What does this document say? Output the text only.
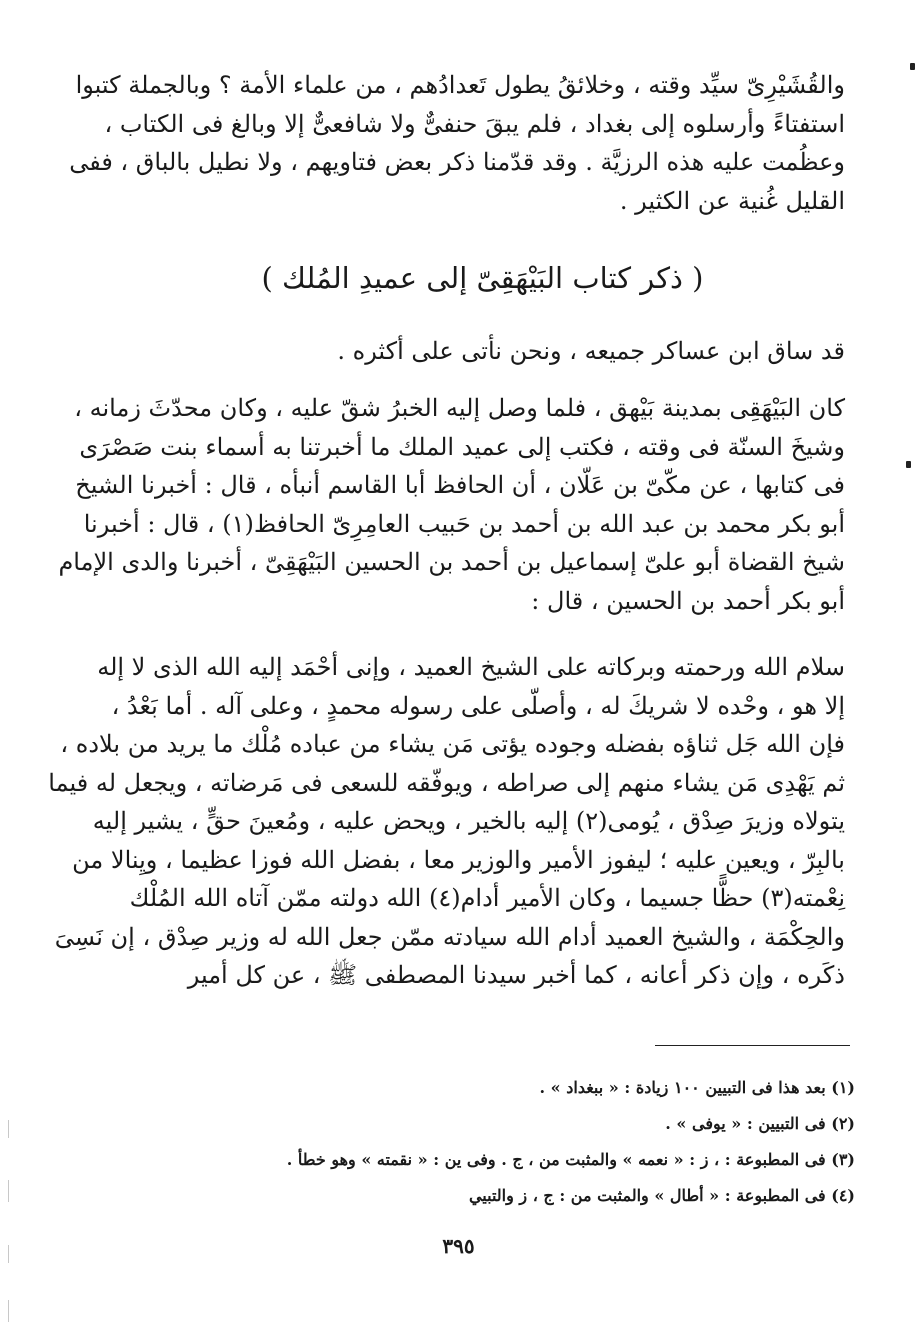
والقُشَيْرِىّ سيِّد وقته ، وخلائقُ يطول تَعدادُهم ، من علماء الأمة ؟ وبالجملة كتبوا
استفتاءً وأرسلوه إلى بغداد ، فلم يبقَ حنفىٌّ ولا شافعىٌّ إلا وبالغ فى الكتاب ،
وعظُمت عليه هذه الرزيَّة . وقد قدّمنا ذكر بعض فتاويهم ، ولا نطيل بالباق ، ففى
القليل غُنية عن الكثير .
( ذكر كتاب البَيْهَقِىّ إلى عميدِ المُلك )
قد ساق ابن عساكر جميعه ، ونحن نأتى على أكثره .
كان البَيْهَقِى بمدينة بَيْهق ، فلما وصل إليه الخبرُ شقّ عليه ، وكان محدّثَ زمانه ،
وشيخَ السنّة فى وقته ، فكتب إلى عميد الملك ما أخبرتنا به أسماء بنت صَصْرَى
فى كتابها ، عن مكّىّ بن عَلّان ، أن الحافظ أبا القاسم أنبأه ، قال : أخبرنا الشيخ
أبو بكر محمد بن عبد الله بن أحمد بن حَبيب العامِرِىّ الحافظ(١) ، قال : أخبرنا
شيخ القضاة أبو علىّ إسماعيل بن أحمد بن الحسين البَيْهَقِىّ ، أخبرنا والدى الإمام
أبو بكر أحمد بن الحسين ، قال :
سلام الله ورحمته وبركاته على الشيخ العميد ، وإنى أحْمَد إليه الله الذى لا إله
إلا هو ، وحْده لا شريكَ له ، وأصلّى على رسوله محمدٍ ، وعلى آله . أما بَعْدُ ،
فإن الله جَل ثناؤه بفضله وجوده يؤتى مَن يشاء من عباده مُلْك ما يريد من بلاده ،
ثم يَهْدِى مَن يشاء منهم إلى صراطه ، ويوفّقه للسعى فى مَرضاته ، ويجعل له فيما
يتولاه وزيرَ صِدْق ، يُومى(٢) إليه بالخير ، ويحض عليه ، ومُعينَ حقٍّ ، يشير إليه
بالبِرّ ، ويعين عليه ؛ ليفوز الأمير والوزير معا ، بفضل الله فوزا عظيما ، ويِنالا من
نِعْمته(٣) حظًّا جسيما ، وكان الأمير أدام(٤) الله دولته ممّن آتاه الله المُلْك
والحِكْمَة ، والشيخ العميد أدام الله سيادته ممّن جعل الله له وزير صِدْق ، إن نَسِىَ
ذكَره ، وإن ذكر أعانه ، كما أخبر سيدنا المصطفى ﷺ ، عن كل أمير
(١) بعد هذا فى التبيين ١٠٠ زيادة : « ببغداد » .
(٢) فى التبيين : « يوفى » .
(٣) فى المطبوعة : ، ز : « نعمه » والمثبت من ، ج . وفى ين : « نقمته » وهو خطأ .
(٤) فى المطبوعة : « أطال » والمثبت من : ج ، ز والتبيي
٣٩٥
